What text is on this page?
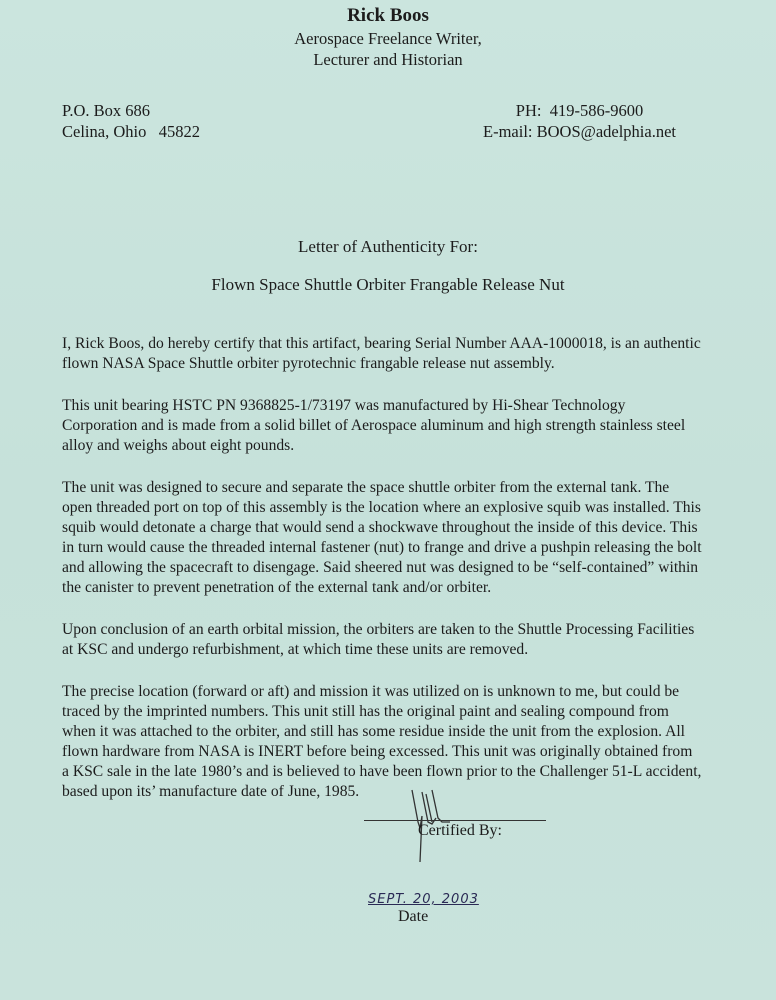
Rick Boos
Aerospace Freelance Writer,
Lecturer and Historian
P.O. Box 686
Celina, Ohio   45822
PH:  419-586-9600
E-mail: BOOS@adelphia.net
Letter of Authenticity For:
Flown Space Shuttle Orbiter Frangable Release Nut

I, Rick Boos, do hereby certify that this artifact, bearing Serial Number AAA-1000018, is an authentic flown NASA Space Shuttle orbiter pyrotechnic frangable release nut assembly.

This unit bearing HSTC PN 9368825-1/73197 was manufactured by Hi-Shear Technology Corporation and is made from a solid billet of Aerospace aluminum and high strength stainless steel alloy and weighs about eight pounds.

The unit was designed to secure and separate the space shuttle orbiter from the external tank. The open threaded port on top of this assembly is the location where an explosive squib was installed. This squib would detonate a charge that would send a shockwave throughout the inside of this device. This in turn would cause the threaded internal fastener (nut) to frange and drive a pushpin releasing the bolt and allowing the spacecraft to disengage. Said sheered nut was designed to be “self-contained” within the canister to prevent penetration of the external tank and/or orbiter.

Upon conclusion of an earth orbital mission, the orbiters are taken to the Shuttle Processing Facilities at KSC and undergo refurbishment, at which time these units are removed.

The precise location (forward or aft) and mission it was utilized on is unknown to me, but could be traced by the imprinted numbers. This unit still has the original paint and sealing compound from when it was attached to the orbiter, and still has some residue inside the unit from the explosion. All flown hardware from NASA is INERT before being excessed. This unit was originally obtained from a KSC sale in the late 1980’s and is believed to have been flown prior to the Challenger 51-L accident, based upon its’ manufacture date of June, 1985.

Certified By:
SEPT. 20, 2003
Date
